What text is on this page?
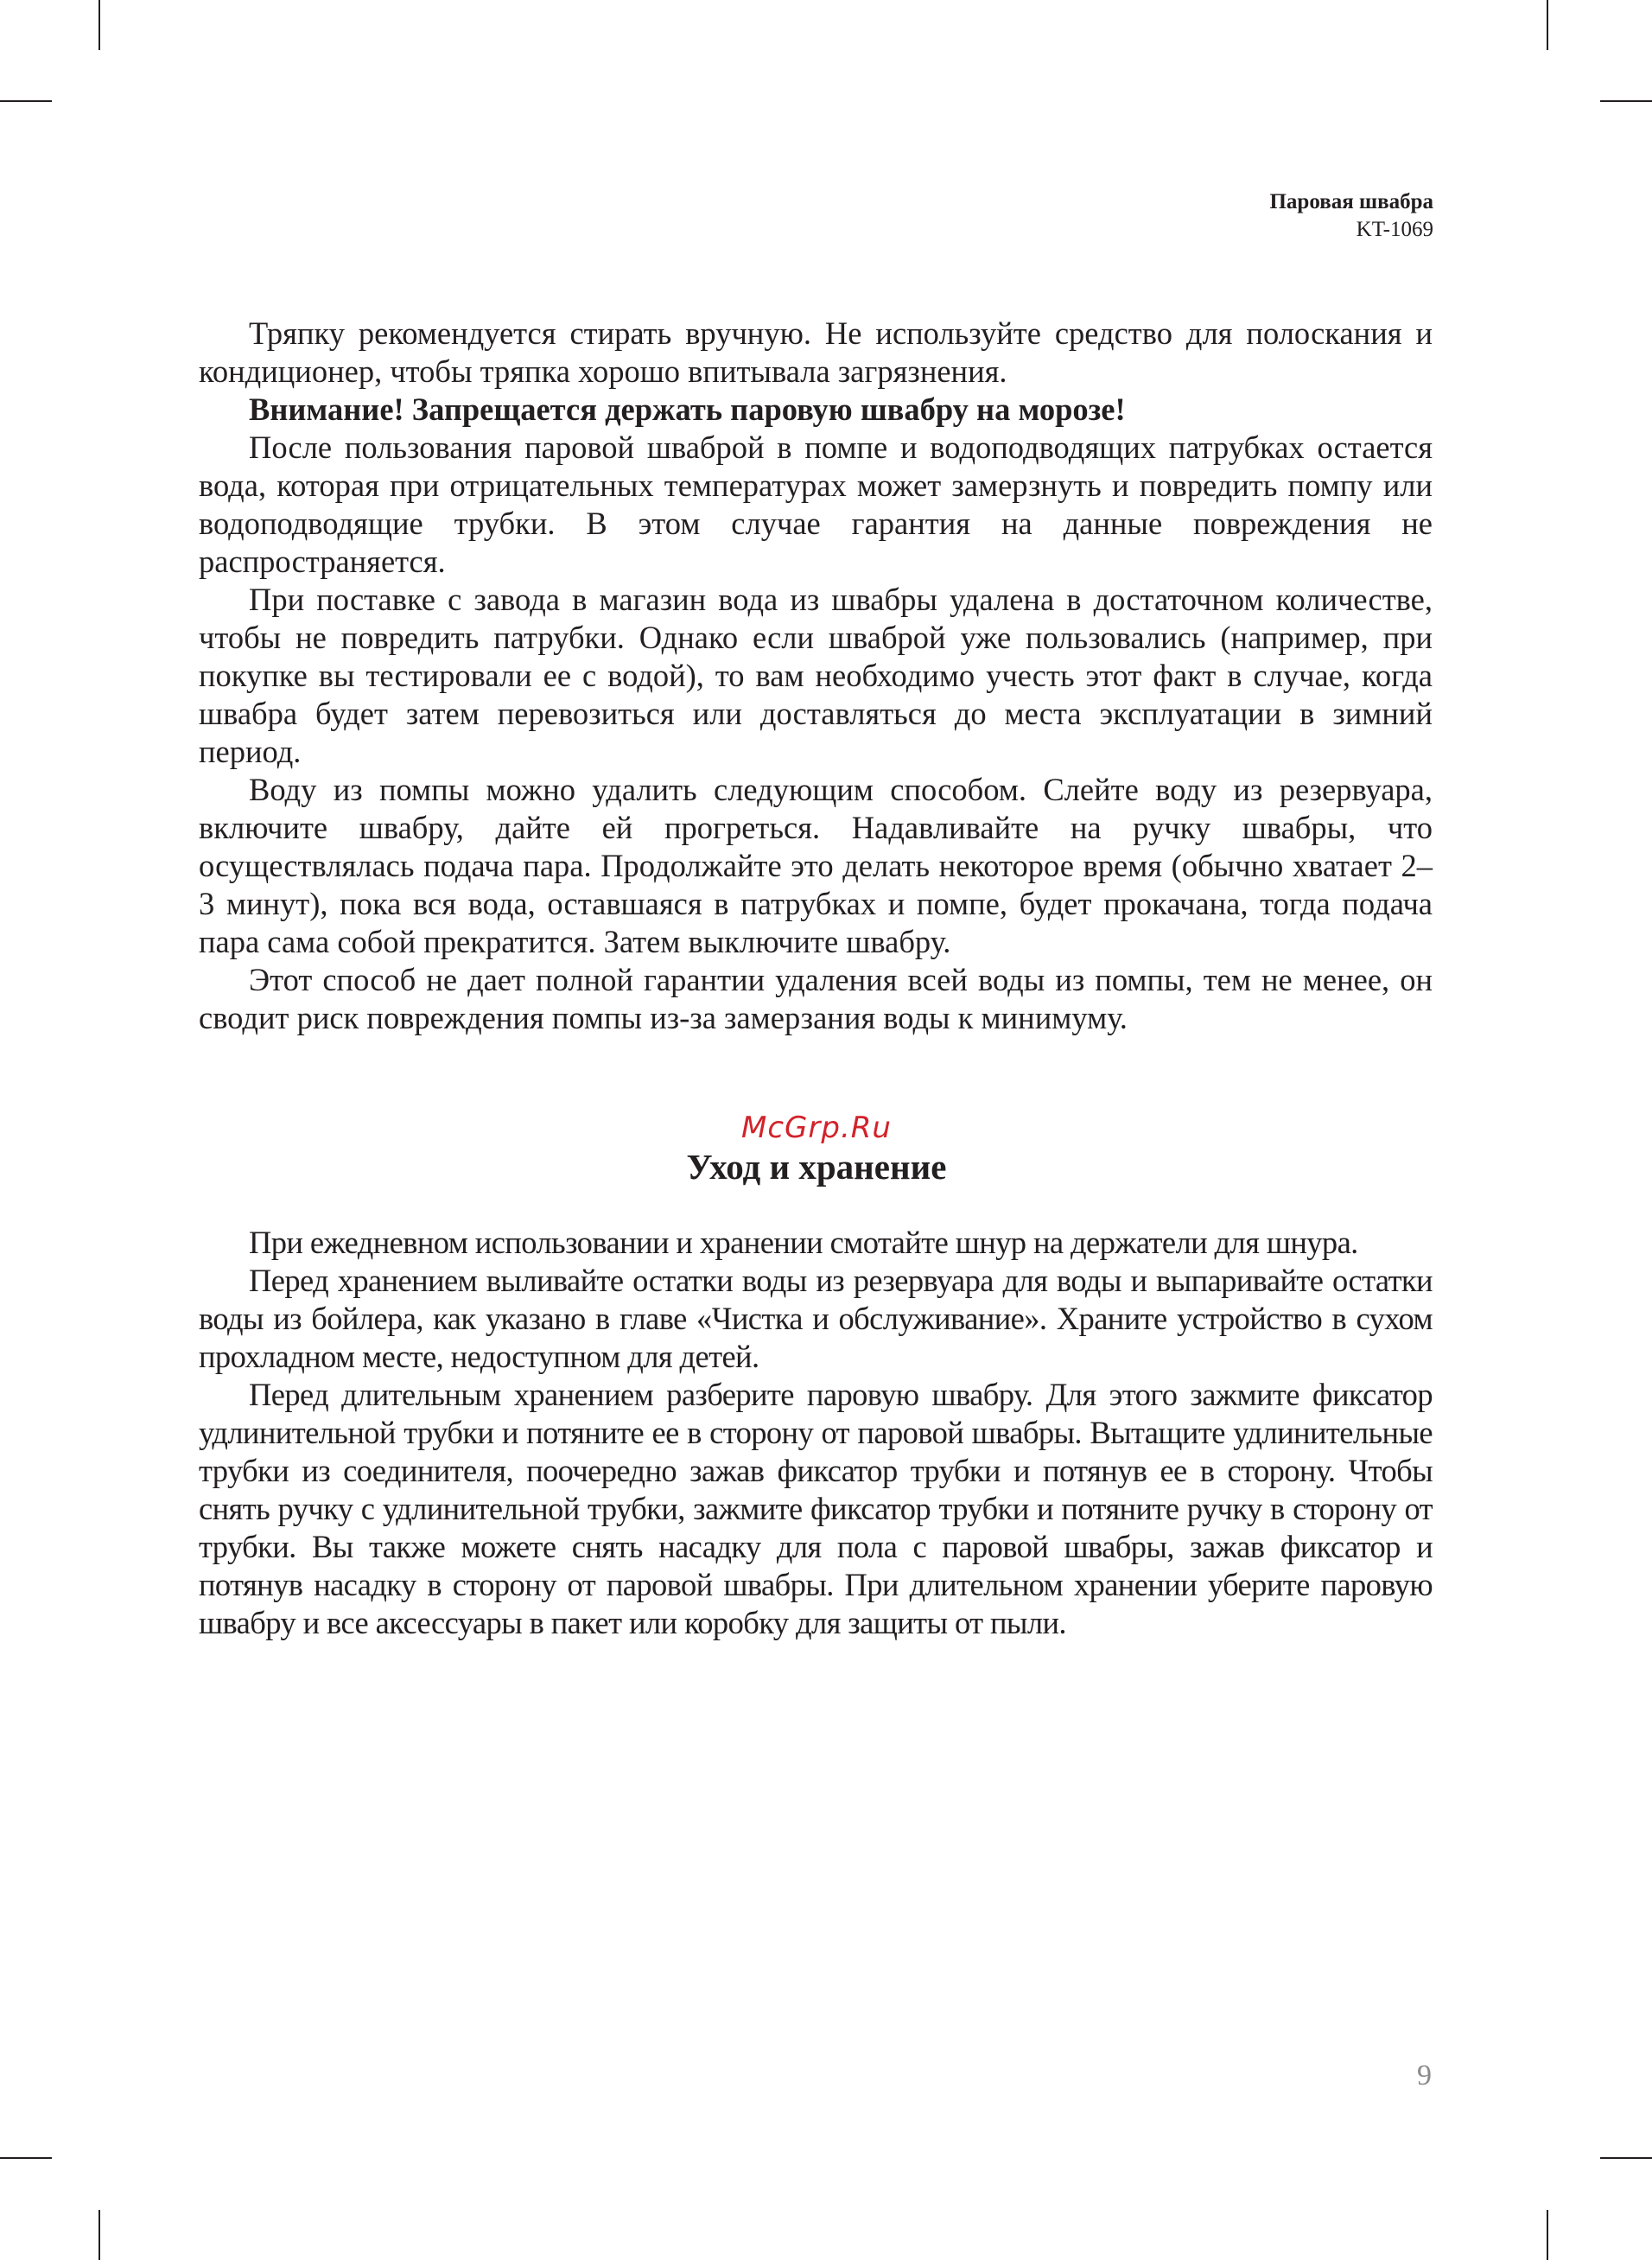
Паровая швабра
KT-1069

Тряпку рекомендуется стирать вручную. Не используйте средство для полоскания и кондиционер, чтобы тряпка хорошо впитывала загрязнения.

Внимание! Запрещается держать паровую швабру на морозе!

После пользования паровой шваброй в помпе и водоподводящих патрубках остается вода, которая при отрицательных температурах может замерзнуть и повредить помпу или водоподводящие трубки. В этом случае гарантия на данные повреждения не распространяется.

При поставке с завода в магазин вода из швабры удалена в достаточном количестве, чтобы не повредить патрубки. Однако если шваброй уже пользовались (например, при покупке вы тестировали ее с водой), то вам необходимо учесть этот факт в случае, когда швабра будет затем перевозиться или доставляться до места эксплуатации в зимний период.

Воду из помпы можно удалить следующим способом. Слейте воду из резервуара, включите швабру, дайте ей прогреться. Надавливайте на ручку швабры, что осуществлялась подача пара. Продолжайте это делать некоторое время (обычно хватает 2–3 минут), пока вся вода, оставшаяся в патрубках и помпе, будет прокачана, тогда подача пара сама собой прекратится. Затем выключите швабру.

Этот способ не дает полной гарантии удаления всей воды из помпы, тем не менее, он сводит риск повреждения помпы из-за замерзания воды к минимуму.

McGrp.Ru
Уход и хранение

При ежедневном использовании и хранении смотайте шнур на держатели для шнура.

Перед хранением выливайте остатки воды из резервуара для воды и выпаривайте остатки воды из бойлера, как указано в главе «Чистка и обслуживание». Храните устройство в сухом прохладном месте, недоступном для детей.

Перед длительным хранением разберите паровую швабру. Для этого зажмите фиксатор удлинительной трубки и потяните ее в сторону от паровой швабры. Вытащите удлинительные трубки из соединителя, поочередно зажав фиксатор трубки и потянув ее в сторону. Чтобы снять ручку с удлинительной трубки, зажмите фиксатор трубки и потяните ручку в сторону от трубки. Вы также можете снять насадку для пола с паровой швабры, зажав фиксатор и потянув насадку в сторону от паровой швабры. При длительном хранении уберите паровую швабру и все аксессуары в пакет или коробку для защиты от пыли.

9
